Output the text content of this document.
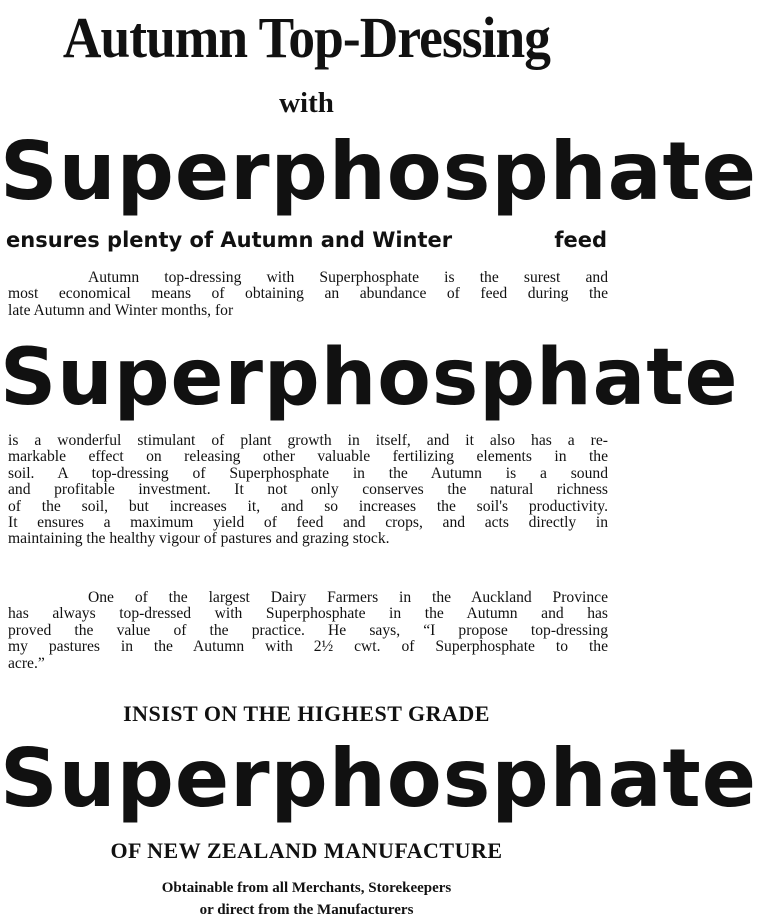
Autumn Top-Dressing
with
Superphosphate
ensures plenty of Autumn and Winter	feed
Autumn top-dressing with Superphosphate is the surest and
most economical means of obtaining an abundance of feed during the
late Autumn and Winter months, for
Superphosphate
is a wonderful stimulant of plant growth in itself, and it also has a re-
markable effect on releasing other valuable fertilizing elements in the
soil. A top-dressing of Superphosphate in the Autumn is a sound
and profitable investment. It not only conserves the natural richness
of the soil, but increases it, and so increases the soil's productivity.
It ensures a maximum yield of feed and crops, and acts directly in
maintaining the healthy vigour of pastures and grazing stock.
One of the largest Dairy Farmers in the Auckland Province
has always top-dressed with Superphosphate in the Autumn and has
proved the value of the practice. He says, “I propose top-dressing
my pastures in the Autumn with 2½ cwt. of Superphosphate to the
acre.”
INSIST ON THE HIGHEST GRADE
Superphosphate
OF NEW ZEALAND MANUFACTURE
Obtainable from all Merchants, Storekeepers
or direct from the Manufacturers
